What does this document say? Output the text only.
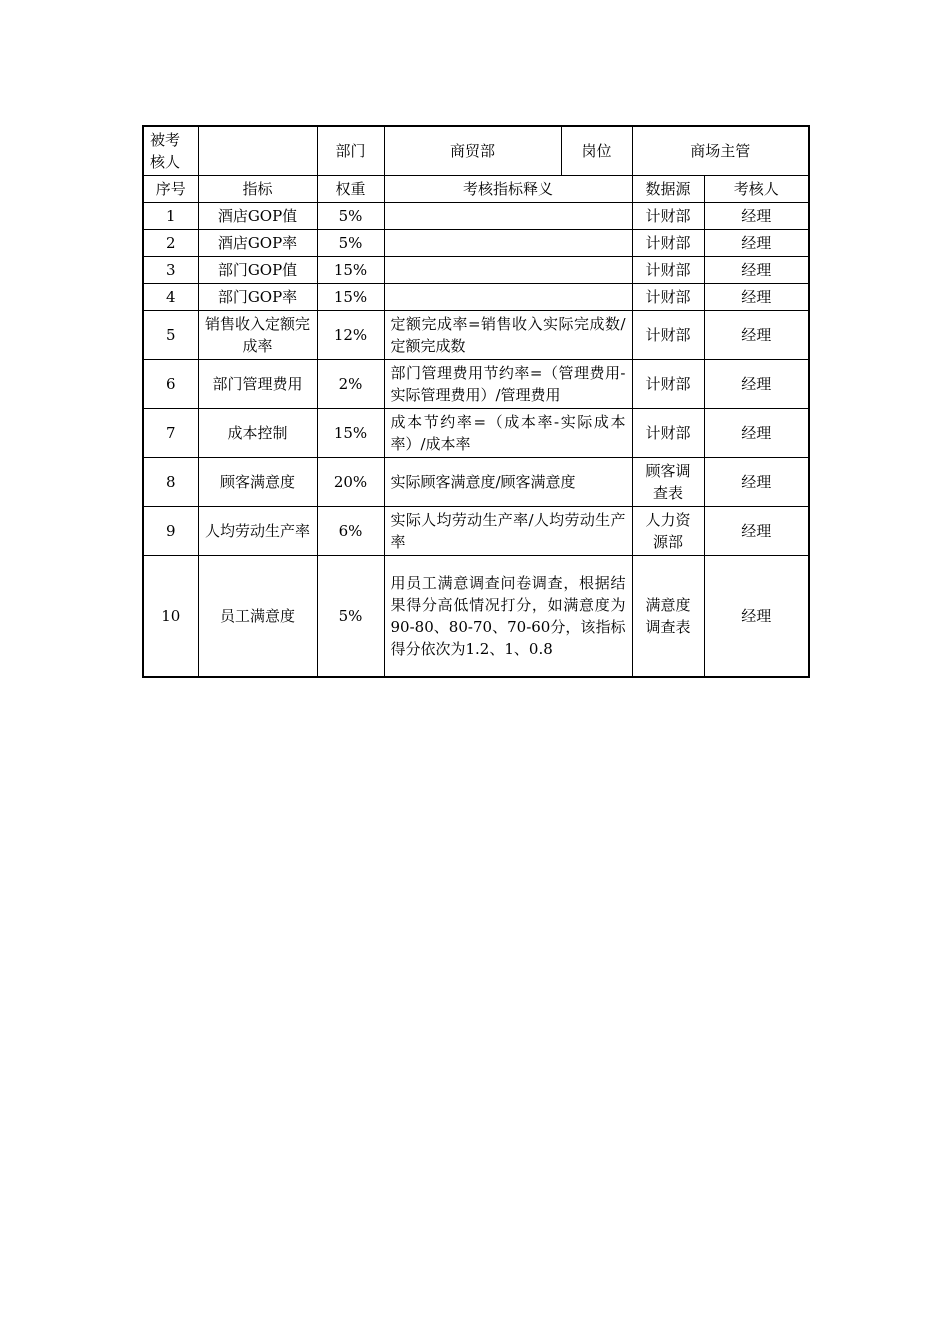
被考核人		部门	商贸部	岗位	商场主管	
序号	指标	权重	考核指标释义		数据源	考核人
1	酒店GOP值	5%			计财部	经理
2	酒店GOP率	5%			计财部	经理
3	部门GOP值	15%			计财部	经理
4	部门GOP率	15%			计财部	经理
5	销售收入定额完成率	12%	定额完成率=销售收入实际完成数/定额完成数		计财部	经理
6	部门管理费用	2%	部门管理费用节约率=（管理费用-实际管理费用）/管理费用		计财部	经理
7	成本控制	15%	成本节约率=（成本率-实际成本率）/成本率		计财部	经理
8	顾客满意度	20%	实际顾客满意度/顾客满意度		顾客调查表	经理
9	人均劳动生产率	6%	实际人均劳动生产率/人均劳动生产率		人力资源部	经理
10	员工满意度	5%	用员工满意调查问卷调查，根据结果得分高低情况打分，如满意度为90-80、80-70、70-60分，该指标得分依次为1.2、1、0.8		满意度调查表	经理
